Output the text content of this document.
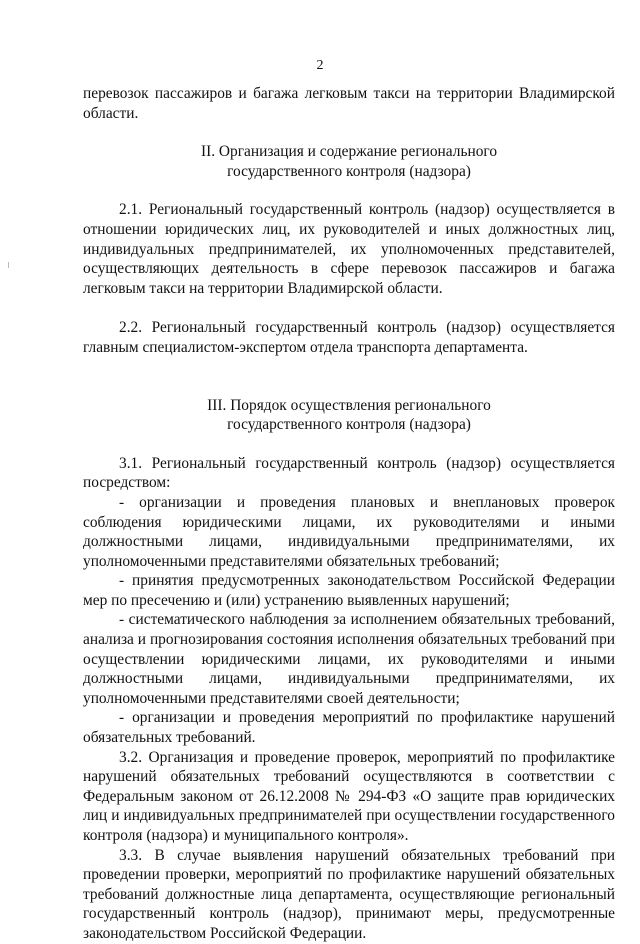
2

перевозок пассажиров и багажа легковым такси на территории Владимирской области.

II. Организация и содержание регионального
государственного контроля (надзора)

2.1. Региональный государственный контроль (надзор) осуществляется в отношении юридических лиц, их руководителей и иных должностных лиц, индивидуальных предпринимателей, их уполномоченных представителей, осуществляющих деятельность в сфере перевозок пассажиров и багажа легковым такси на территории Владимирской области.

2.2. Региональный государственный контроль (надзор) осуществляется главным специалистом-экспертом отдела транспорта департамента.

III. Порядок осуществления регионального
государственного контроля (надзора)

3.1. Региональный государственный контроль (надзор) осуществляется посредством:

- организации и проведения плановых и внеплановых проверок соблюдения юридическими лицами, их руководителями и иными должностными лицами, индивидуальными предпринимателями, их уполномоченными представителями обязательных требований;

- принятия предусмотренных законодательством Российской Федерации мер по пресечению и (или) устранению выявленных нарушений;

- систематического наблюдения за исполнением обязательных требований, анализа и прогнозирования состояния исполнения обязательных требований при осуществлении юридическими лицами, их руководителями и иными должностными лицами, индивидуальными предпринимателями, их уполномоченными представителями своей деятельности;

- организации и проведения мероприятий по профилактике нарушений обязательных требований.

3.2. Организация и проведение проверок, мероприятий по профилактике нарушений обязательных требований осуществляются в соответствии с Федеральным законом от 26.12.2008 № 294-ФЗ «О защите прав юридических лиц и индивидуальных предпринимателей при осуществлении государственного контроля (надзора) и муниципального контроля».

3.3. В случае выявления нарушений обязательных требований при проведении проверки, мероприятий по профилактике нарушений обязательных требований должностные лица департамента, осуществляющие региональный государственный контроль (надзор), принимают меры, предусмотренные законодательством Российской Федерации.
